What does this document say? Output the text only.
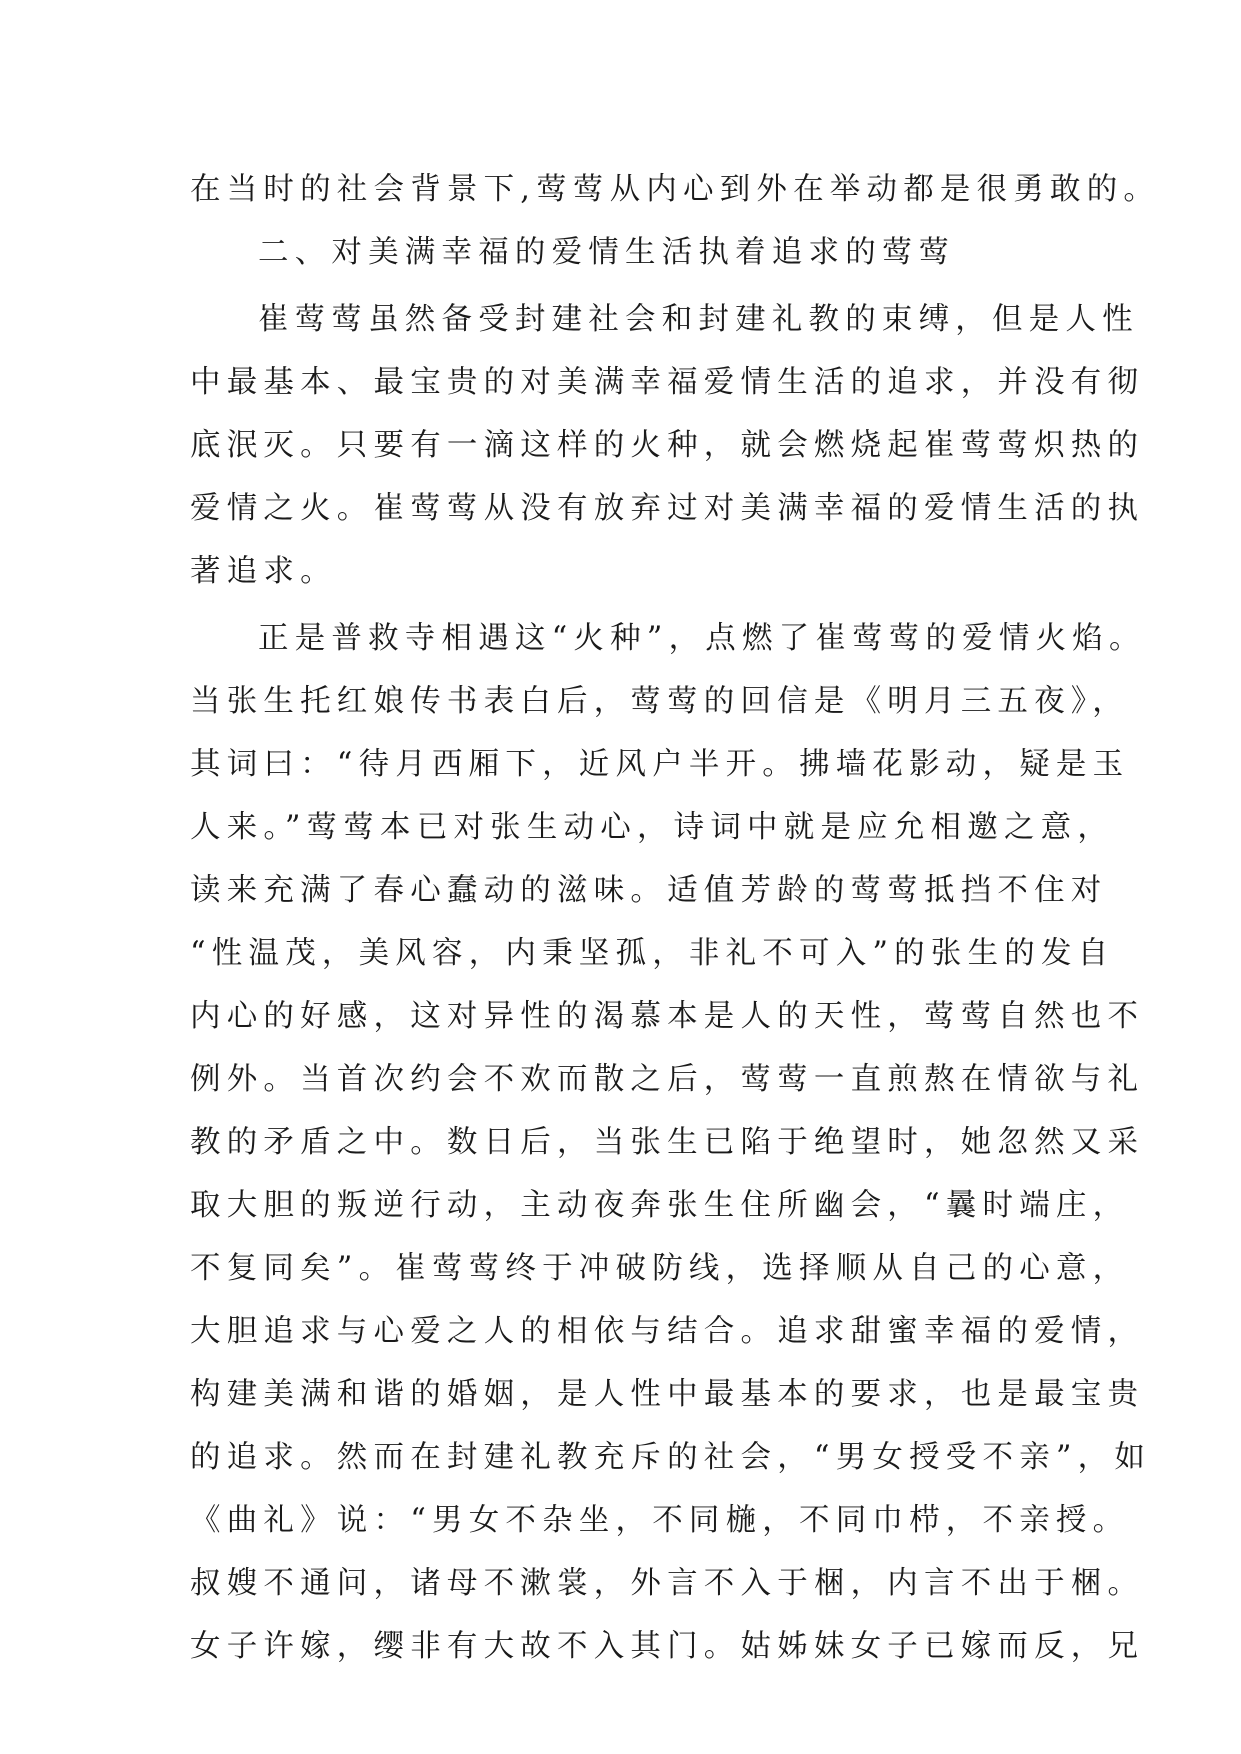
在当时的社会背景下,莺莺从内心到外在举动都是很勇敢的。
二、对美满幸福的爱情生活执着追求的莺莺
崔莺莺虽然备受封建社会和封建礼教的束缚，但是人性
中最基本、最宝贵的对美满幸福爱情生活的追求，并没有彻
底泯灭。只要有一滴这样的火种，就会燃烧起崔莺莺炽热的
爱情之火。崔莺莺从没有放弃过对美满幸福的爱情生活的执
著追求。
正是普救寺相遇这“火种”，点燃了崔莺莺的爱情火焰。
当张生托红娘传书表白后，莺莺的回信是《明月三五夜》，
其词曰：“待月西厢下，近风户半开。拂墙花影动，疑是玉
人来。”莺莺本已对张生动心，诗词中就是应允相邀之意，
读来充满了春心蠢动的滋味。适值芳龄的莺莺抵挡不住对
“性温茂，美风容，内秉坚孤，非礼不可入”的张生的发自
内心的好感，这对异性的渴慕本是人的天性，莺莺自然也不
例外。当首次约会不欢而散之后，莺莺一直煎熬在情欲与礼
教的矛盾之中。数日后，当张生已陷于绝望时，她忽然又采
取大胆的叛逆行动，主动夜奔张生住所幽会，“曩时端庄，
不复同矣”。崔莺莺终于冲破防线，选择顺从自己的心意，
大胆追求与心爱之人的相依与结合。追求甜蜜幸福的爱情，
构建美满和谐的婚姻，是人性中最基本的要求，也是最宝贵
的追求。然而在封建礼教充斥的社会，“男女授受不亲”，如
《曲礼》说：“男女不杂坐，不同椸，不同巾栉，不亲授。
叔嫂不通问，诸母不漱裳，外言不入于梱，内言不出于梱。
女子许嫁，缨非有大故不入其门。姑姊妹女子已嫁而反，兄
